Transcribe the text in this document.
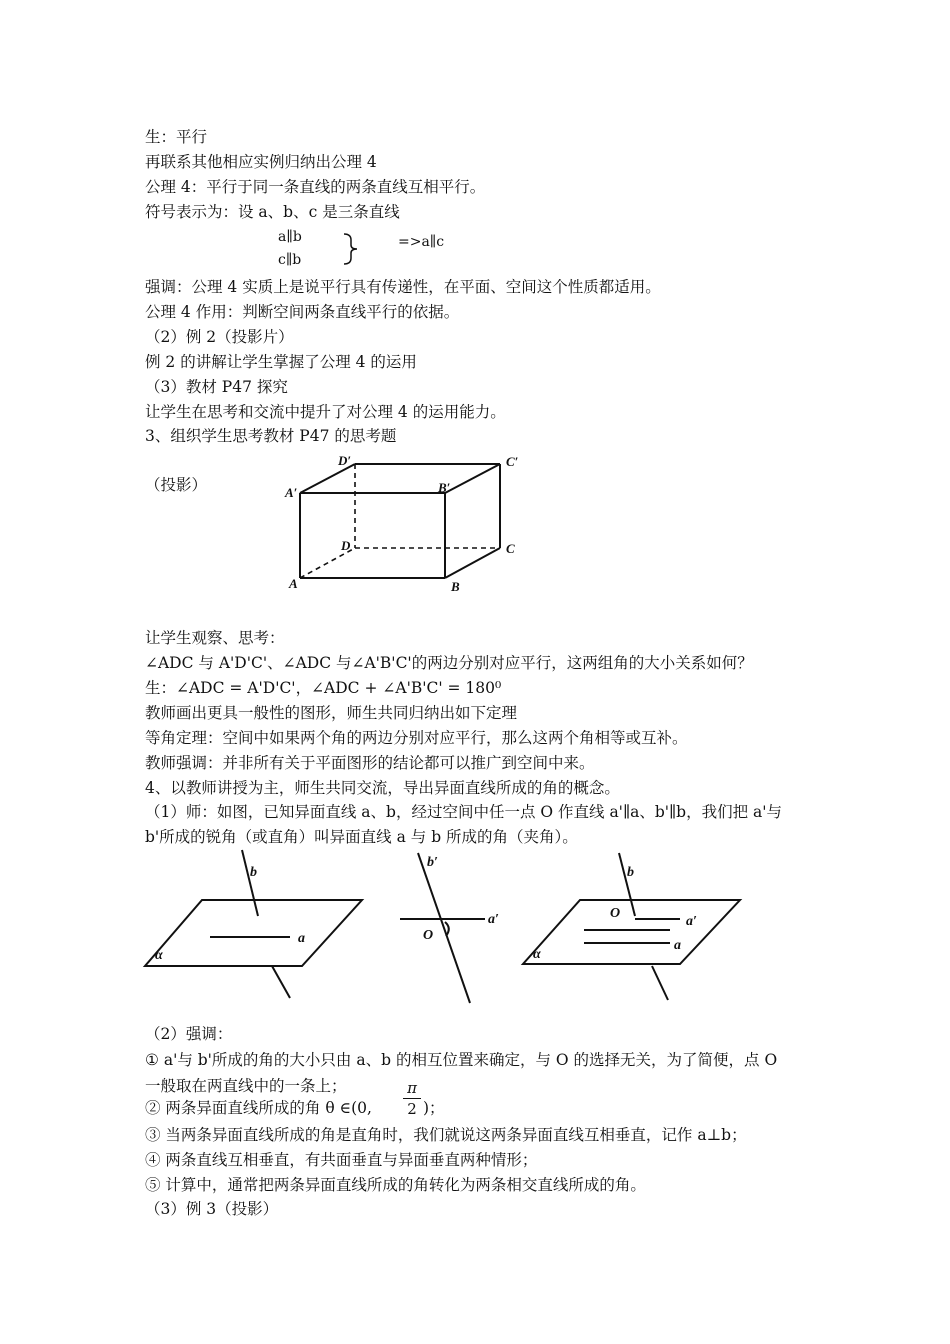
生：平行
再联系其他相应实例归纳出公理 4
公理 4：平行于同一条直线的两条直线互相平行。
符号表示为：设 a、b、c 是三条直线
a∥b
c∥b
=>a∥c
强调：公理 4 实质上是说平行具有传递性，在平面、空间这个性质都适用。
公理 4 作用：判断空间两条直线平行的依据。
（2）例 2（投影片）
例 2 的讲解让学生掌握了公理 4 的运用
（3）教材 P47 探究
让学生在思考和交流中提升了对公理 4 的运用能力。
3、组织学生思考教材 P47 的思考题
（投影）
D′	C′
A′	B′
D	C
A	B
让学生观察、思考：
∠ADC 与 A'D'C'、∠ADC 与∠A'B'C'的两边分别对应平行，这两组角的大小关系如何？
生：∠ADC = A'D'C'，∠ADC + ∠A'B'C' = 180⁰
教师画出更具一般性的图形，师生共同归纳出如下定理
等角定理：空间中如果两个角的两边分别对应平行，那么这两个角相等或互补。
教师强调：并非所有关于平面图形的结论都可以推广到空间中来。
4、以教师讲授为主，师生共同交流，导出异面直线所成的角的概念。
（1）师：如图，已知异面直线 a、b，经过空间中任一点 O 作直线 a'∥a、b'∥b，我们把 a'与
b'所成的锐角（或直角）叫异面直线 a 与 b 所成的角（夹角）。
b
a
α
b′
a′
O
b
O
a′
a
α
（2）强调：
① a'与 b'所成的角的大小只由 a、b 的相互位置来确定，与 O 的选择无关，为了简便，点 O
一般取在两直线中的一条上；
② 两条异面直线所成的角 θ ∈(0,
π
2 )；
③ 当两条异面直线所成的角是直角时，我们就说这两条异面直线互相垂直，记作 a⊥b；
④ 两条直线互相垂直，有共面垂直与异面垂直两种情形；
⑤ 计算中，通常把两条异面直线所成的角转化为两条相交直线所成的角。
（3）例 3（投影）
